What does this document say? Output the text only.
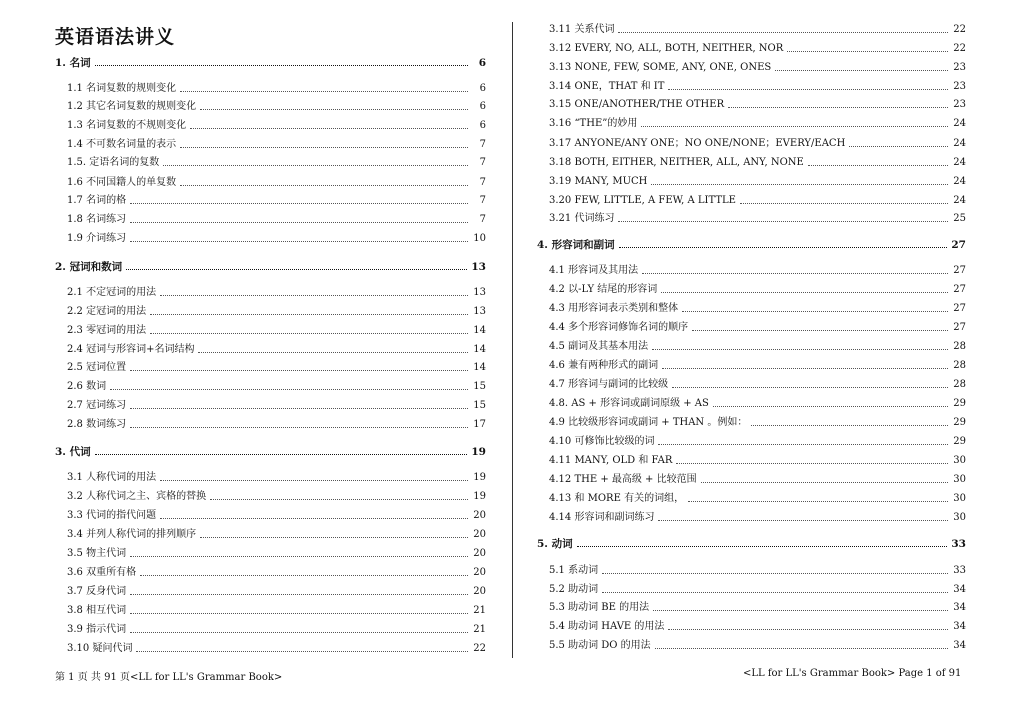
英语语法讲义
1. 名词	6
1.1 名词复数的规则变化	6
1.2 其它名词复数的规则变化	6
1.3 名词复数的不规则变化	6
1.4 不可数名词量的表示	7
1.5. 定语名词的复数	7
1.6 不同国籍人的单复数	7
1.7 名词的格	7
1.8 名词练习	7
1.9 介词练习	10
2. 冠词和数词	13
2.1 不定冠词的用法	13
2.2 定冠词的用法	13
2.3 零冠词的用法	14
2.4 冠词与形容词+名词结构	14
2.5 冠词位置	14
2.6 数词	15
2.7 冠词练习	15
2.8 数词练习	17
3. 代词	19
3.1 人称代词的用法	19
3.2 人称代词之主、宾格的替换	19
3.3 代词的指代问题	20
3.4 并列人称代词的排列顺序	20
3.5 物主代词	20
3.6 双重所有格	20
3.7 反身代词	20
3.8 相互代词	21
3.9 指示代词	21
3.10 疑问代词	22
第 1 页 共 91 页<LL for LL's Grammar Book>
3.11 关系代词	22
3.12 EVERY, NO, ALL, BOTH, NEITHER, NOR	22
3.13 NONE, FEW, SOME, ANY, ONE, ONES	23
3.14 ONE，THAT 和 IT	23
3.15 ONE/ANOTHER/THE OTHER	23
3.16 “THE”的妙用	24
3.17 ANYONE/ANY ONE；NO ONE/NONE；EVERY/EACH	24
3.18 BOTH, EITHER, NEITHER, ALL, ANY, NONE	24
3.19 MANY, MUCH	24
3.20 FEW, LITTLE, A FEW, A LITTLE	24
3.21 代词练习	25
4. 形容词和副词	27
4.1 形容词及其用法	27
4.2 以-LY 结尾的形容词	27
4.3 用形容词表示类别和整体	27
4.4 多个形容词修饰名词的顺序	27
4.5 副词及其基本用法	28
4.6 兼有两种形式的副词	28
4.7 形容词与副词的比较级	28
4.8. AS + 形容词或副词原级 + AS	29
4.9 比较级形容词或副词 + THAN 。例如：	29
4.10 可修饰比较级的词	29
4.11 MANY, OLD 和 FAR	30
4.12 THE + 最高级 + 比较范围	30
4.13 和 MORE 有关的词组，	30
4.14 形容词和副词练习	30
5. 动词	33
5.1 系动词	33
5.2 助动词	34
5.3 助动词 BE 的用法	34
5.4 助动词 HAVE 的用法	34
5.5 助动词 DO 的用法	34
<LL for LL's Grammar Book> Page 1 of 91
